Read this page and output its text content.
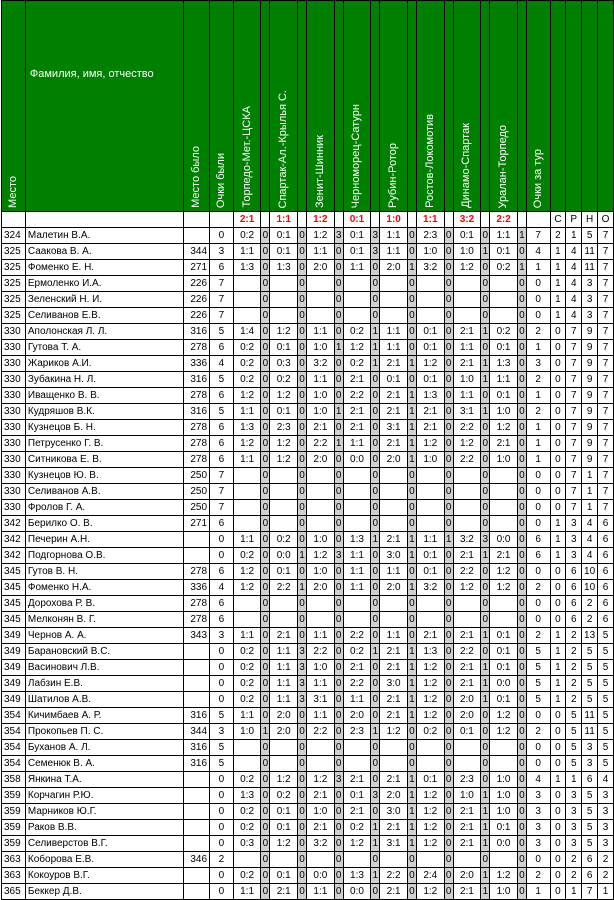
Место	Фамилия, имя, отчество	Место было	Очки были	Торпедо-Мет.-ЦСКА		Спартак-Ал.-Крылья С.		Зенит-Шинник		Черноморец-Сатурн		Рубин-Ротор		Ростов-Локомотив		Динамо-Спартак		Уралан-Торпедо		Очки за тур				

				2:1		1:1		1:2		0:1		1:0		1:1		3:2		2:2			С	Р	Н	О
324	Малетин В.А.		0	0:2	0	0:1	0	1:2	3	0:1	3	1:1	0	2:3	0	0:1	0	1:1	1	7	2	1	5	7
325	Саакова В. А.	344	3	1:1	0	0:1	0	1:1	0	0:1	3	1:1	0	1:0	0	1:0	1	0:1	0	4	1	4	11	7
325	Фоменко Е. Н.	271	6	1:3	0	1:3	0	2:0	0	1:1	0	2:0	1	3:2	0	1:2	0	0:2	1	1	1	4	11	7
325	Ермоленко И.А.	226	7		0		0		0		0		0		0		0		0	0	1	4	3	7
325	Зеленский Н. И.	226	7		0		0		0		0		0		0		0		0	0	1	4	3	7
325	Селиванов Е.В.	226	7		0		0		0		0		0		0		0		0	0	1	4	3	7
330	Аполонская Л. Л.	316	5	1:4	0	1:2	0	1:1	0	0:2	1	1:1	0	0:1	0	2:1	1	0:2	0	2	0	7	9	7
330	Гутова Т. А.	278	6	0:2	0	0:1	0	1:0	1	1:2	1	1:1	0	0:1	0	1:1	0	0:1	0	1	0	7	9	7
330	Жариков А.И.	336	4	0:2	0	0:3	0	3:2	0	0:2	1	2:1	1	1:2	0	2:1	1	1:3	0	3	0	7	9	7
330	Зубакина Н. Л.	316	5	0:2	0	0:2	0	1:1	0	2:1	0	0:1	0	0:1	0	1:0	1	1:1	0	2	0	7	9	7
330	Иващенко В. В.	278	6	1:2	0	1:2	0	1:0	0	2:2	0	2:1	1	1:3	0	1:1	0	0:1	0	1	0	7	9	7
330	Кудряшов В.К.	316	5	1:1	0	0:1	0	1:0	1	2:1	0	2:1	1	2:1	0	3:1	1	1:0	0	2	0	7	9	7
330	Кузнецов Б. Н.	278	6	1:3	0	2:3	0	2:1	0	2:1	0	3:1	1	2:1	0	2:2	0	1:2	0	1	0	7	9	7
330	Петрусенко Г. В.	278	6	1:2	0	1:2	0	2:2	1	1:1	0	2:1	1	1:2	0	1:2	0	2:1	0	1	0	7	9	7
330	Ситникова Е. В.	278	6	1:1	0	1:2	0	2:0	0	0:0	0	2:0	1	1:0	0	2:2	0	1:0	0	1	0	7	9	7
330	Кузнецов Ю. В.	250	7		0		0		0		0		0		0		0		0	0	0	7	1	7
330	Селиванов А.В.	250	7		0		0		0		0		0		0		0		0	0	0	7	1	7
330	Фролов Г. А.	250	7		0		0		0		0		0		0		0		0	0	0	7	1	7
342	Берилко О. В.	271	6		0		0		0		0		0		0		0		0	0	1	3	4	6
342	Печерин А.Н.		0	1:1	0	0:2	0	1:0	0	1:3	1	2:1	1	1:1	1	3:2	3	0:0	0	6	1	3	4	6
342	Подгорнова О.В.		0	0:2	0	0:0	1	1:2	3	1:1	0	3:0	1	0:1	0	2:1	1	2:1	0	6	1	3	4	6
345	Гутов В. Н.	278	6	1:2	0	0:1	0	1:0	0	1:1	0	1:1	0	0:1	0	2:2	0	1:2	0	0	0	6	10	6
345	Фоменко Н.А.	336	4	1:2	0	2:2	1	2:0	0	1:1	0	2:0	1	3:2	0	1:2	0	1:2	0	2	0	6	10	6
345	Дорохова Р. В.	278	6		0		0		0		0		0		0		0		0	0	0	6	2	6
345	Мелконян В. Г.	278	6		0		0		0		0		0		0		0		0	0	0	6	2	6
349	Чернов А. А.	343	3	1:1	0	2:1	0	1:1	0	2:2	0	1:1	0	2:1	0	2:1	1	0:1	0	2	1	2	13	5
349	Барановский В.С.		0	0:2	0	1:1	3	2:2	0	0:2	1	2:1	1	1:3	0	2:2	0	0:1	0	5	1	2	5	5
349	Васинович Л.В.		0	0:2	0	1:1	3	1:0	0	2:1	0	2:1	1	1:2	0	2:1	1	0:1	0	5	1	2	5	5
349	Лабзин Е.В.		0	0:2	0	1:1	3	1:1	0	2:2	0	3:0	1	1:2	0	2:1	1	0:0	0	5	1	2	5	5
349	Шатилов А.В.		0	0:2	0	1:1	3	3:1	0	1:1	0	2:1	1	1:2	0	2:0	1	0:1	0	5	1	2	5	5
354	Кичимбаев А. Р.	316	5	1:1	0	2:0	0	1:1	0	2:0	0	2:1	1	1:2	0	2:0	0	1:2	0	0	0	5	11	5
354	Прокопьев П. С.	344	3	1:0	1	2:0	0	2:2	0	2:3	1	1:2	0	0:2	0	0:1	0	1:2	0	2	0	5	11	5
354	Буханов А. Л.	316	5		0		0		0		0		0		0		0		0	0	0	5	3	5
354	Семенюк В. А.	316	5		0		0		0		0		0		0		0		0	0	0	5	3	5
358	Янкина Т.А.		0	0:2	0	1:2	0	1:2	3	2:1	0	2:1	1	0:1	0	2:3	0	1:0	0	4	1	1	6	4
359	Корчагин Р.Ю.		0	1:3	0	0:2	0	2:1	0	0:1	3	2:0	1	1:2	0	1:0	1	1:0	0	3	0	3	5	3
359	Марников Ю.Г.		0	0:2	0	0:1	0	1:0	0	2:1	0	3:0	1	1:2	0	2:1	1	1:0	0	3	0	3	5	3
359	Раков В.В.		0	0:2	0	0:1	0	2:1	0	0:2	1	2:1	1	1:2	0	2:1	1	0:1	0	3	0	3	5	3
359	Селиверстов В.Г.		0	0:3	0	1:2	0	3:2	0	1:2	1	3:1	1	1:2	0	2:1	1	0:0	0	3	0	3	5	3
363	Коборова Е.В.	346	2		0		0		0		0		0		0		0		0	0	0	2	6	2
363	Кокоуров В.Г.		0	0:2	0	0:1	0	0:0	0	1:3	1	2:2	0	2:4	0	2:0	1	1:2	0	2	0	2	6	2
365	Беккер Д.В.		0	1:1	0	2:1	0	1:1	0	0:0	0	2:1	0	1:2	0	2:1	1	1:0	0	1	0	1	7	1
